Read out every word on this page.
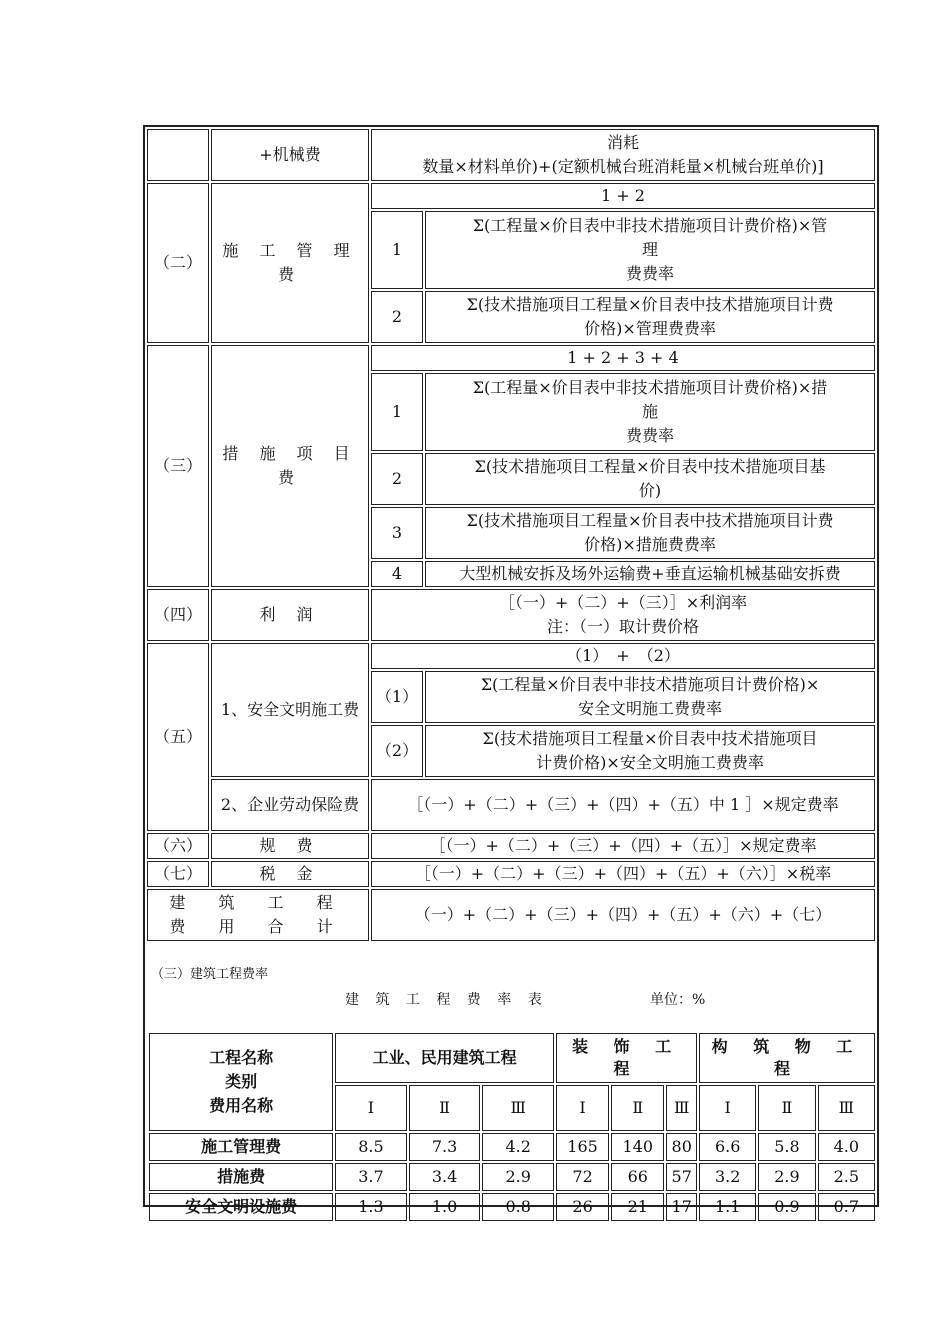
	+机械费	消耗
数量×材料单价)+(定额机械台班消耗量×机械台班单价)]	

（二）	施 工 管 理 费	1 + 2	
		1	Σ(工程量×价目表中非技术措施项目计费价格)×管
理
费费率

		2	Σ(技术措施项目工程量×价目表中技术措施项目计费
价格)×管理费费率

（三）	措 施 项 目 费	1 + 2 + 3 + 4	
		1	Σ(工程量×价目表中非技术措施项目计费价格)×措
施
费费率

		2	Σ(技术措施项目工程量×价目表中技术措施项目基
价)

		3	Σ(技术措施项目工程量×价目表中技术措施项目计费
价格)×措施费费率

		4	大型机械安拆及场外运输费+垂直运输机械基础安拆费
（四）	利 润	［（一）+（二）+（三）］×利润率
注：（一）取计费价格	

（五）	1、安全文明施工费	（1）　+　（2）	
		（1）	Σ(工程量×价目表中非技术措施项目计费价格)×
安全文明施工费费率

		（2）	Σ(技术措施项目工程量×价目表中技术措施项目
计费价格)×安全文明施工费费率

	2、企业劳动保险费	［（一）+（二）+（三）+（四）+（五）中 1 ］×规定费率	
（六）	规 费	［（一）+（二）+（三）+（四）+（五）］×规定费率	
（七）	税 金	［（一）+（二）+（三）+（四）+（五）+（六）］×税率	
建 筑 工 程 费 用 合 计		（一）+（二）+（三）+（四）+（五）+（六）+（七）	
（三）建筑工程费率
建 筑 工 程 费 率 表	单位：%
工程名称
类别
费用名称	工业、民用建筑工程			装 饰 工 程			构 筑 物 工 程		
	Ⅰ	Ⅱ	Ⅲ	Ⅰ	Ⅱ	Ⅲ	Ⅰ	Ⅱ	Ⅲ
施工管理费	8.5	7.3	4.2	165	140	80	6.6	5.8	4.0
措施费	3.7	3.4	2.9	72	66	57	3.2	2.9	2.5
安全文明设施费	1.3	1.0	0.8	26	21	17	1.1	0.9	0.7
